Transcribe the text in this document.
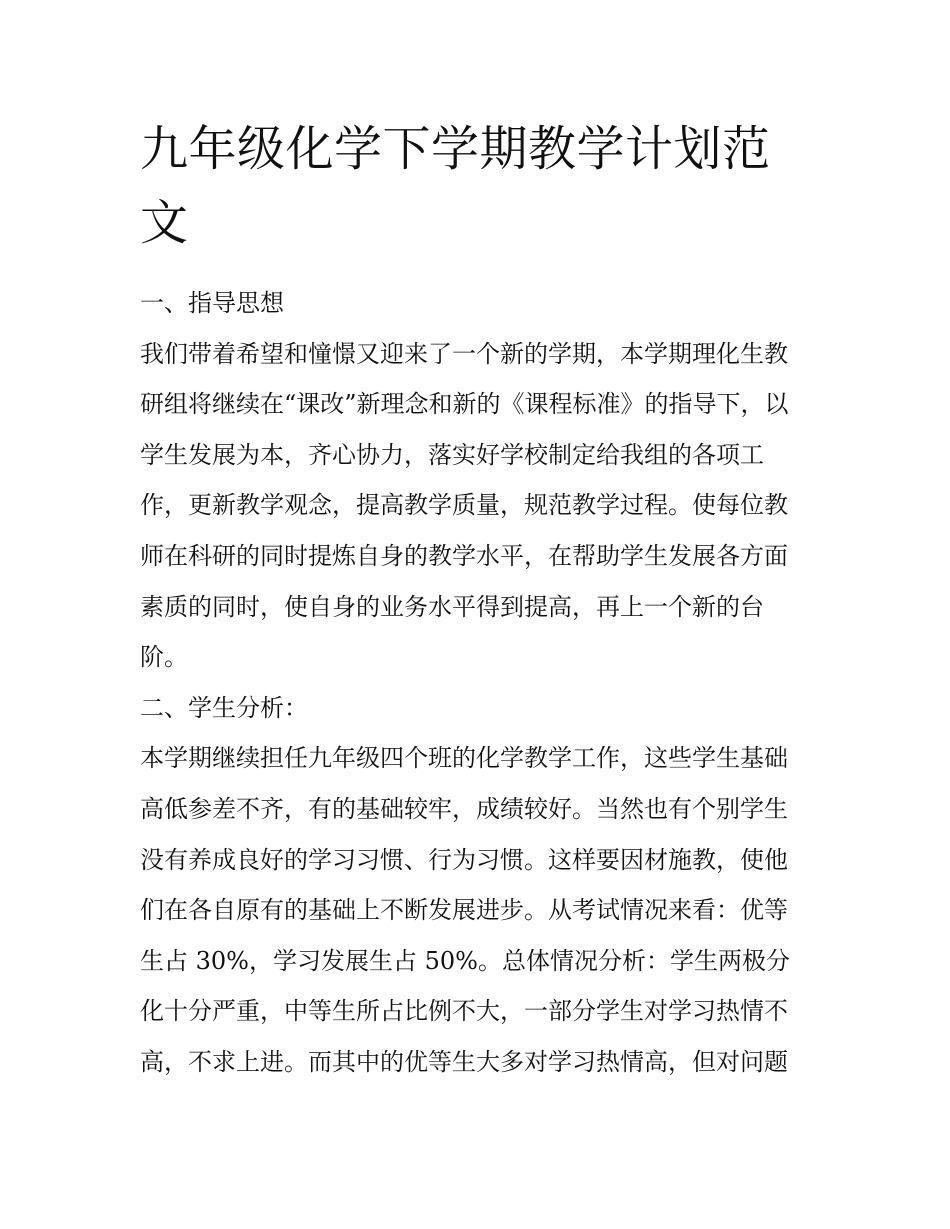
九年级化学下学期教学计划范
文
一、指导思想
我们带着希望和憧憬又迎来了一个新的学期，本学期理化生教
研组将继续在“课改”新理念和新的《课程标准》的指导下，以
学生发展为本，齐心协力，落实好学校制定给我组的各项工
作，更新教学观念，提高教学质量，规范教学过程。使每位教
师在科研的同时提炼自身的教学水平，在帮助学生发展各方面
素质的同时，使自身的业务水平得到提高，再上一个新的台
阶。
二、学生分析：
本学期继续担任九年级四个班的化学教学工作，这些学生基础
高低参差不齐，有的基础较牢，成绩较好。当然也有个别学生
没有养成良好的学习习惯、行为习惯。这样要因材施教，使他
们在各自原有的基础上不断发展进步。从考试情况来看：优等
生占 30%，学习发展生占 50%。总体情况分析：学生两极分
化十分严重，中等生所占比例不大，一部分学生对学习热情不
高，不求上进。而其中的优等生大多对学习热情高，但对问题
